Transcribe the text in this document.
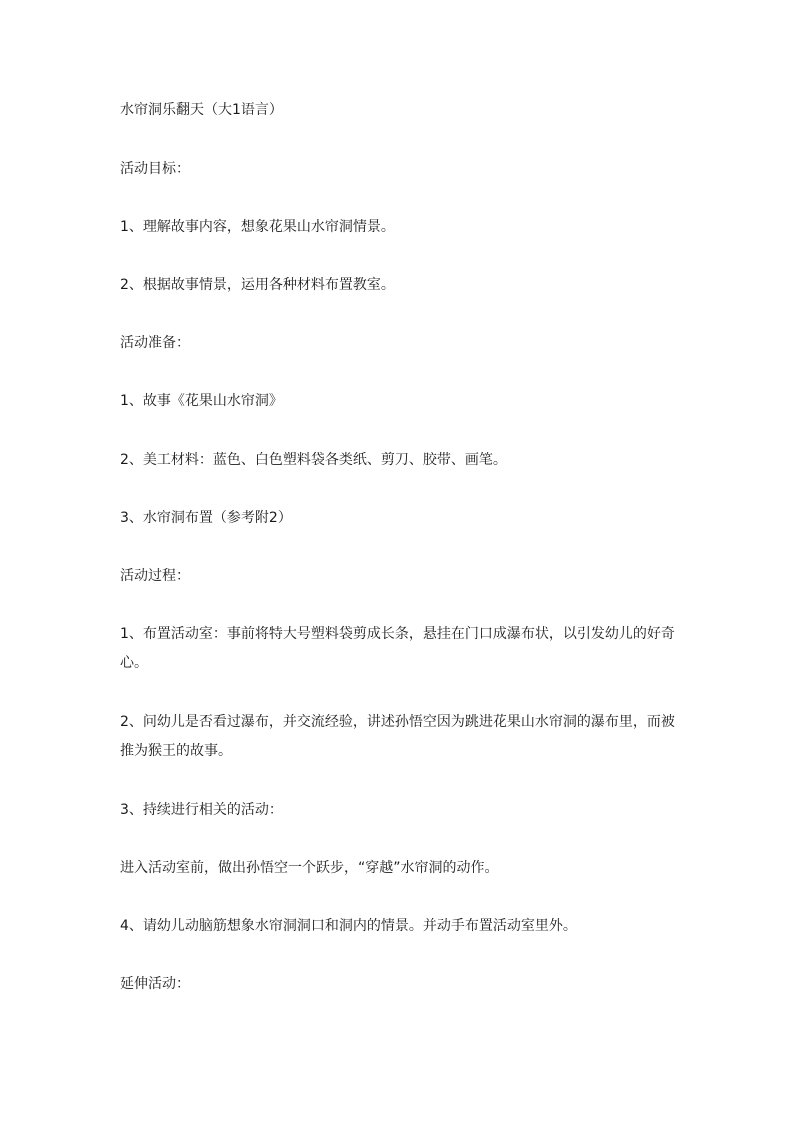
水帘洞乐翻天（大1语言）
活动目标：
1、理解故事内容，想象花果山水帘洞情景。
2、根据故事情景，运用各种材料布置教室。
活动准备：
1、故事《花果山水帘洞》
2、美工材料：蓝色、白色塑料袋各类纸、剪刀、胶带、画笔。
3、水帘洞布置（参考附2）
活动过程：
1、布置活动室：事前将特大号塑料袋剪成长条，悬挂在门口成瀑布状，以引发幼儿的好奇心。
2、问幼儿是否看过瀑布，并交流经验，讲述孙悟空因为跳进花果山水帘洞的瀑布里，而被推为猴王的故事。
3、持续进行相关的活动：
进入活动室前，做出孙悟空一个跃步，“穿越”水帘洞的动作。
4、请幼儿动脑筋想象水帘洞洞口和洞内的情景。并动手布置活动室里外。
延伸活动：
